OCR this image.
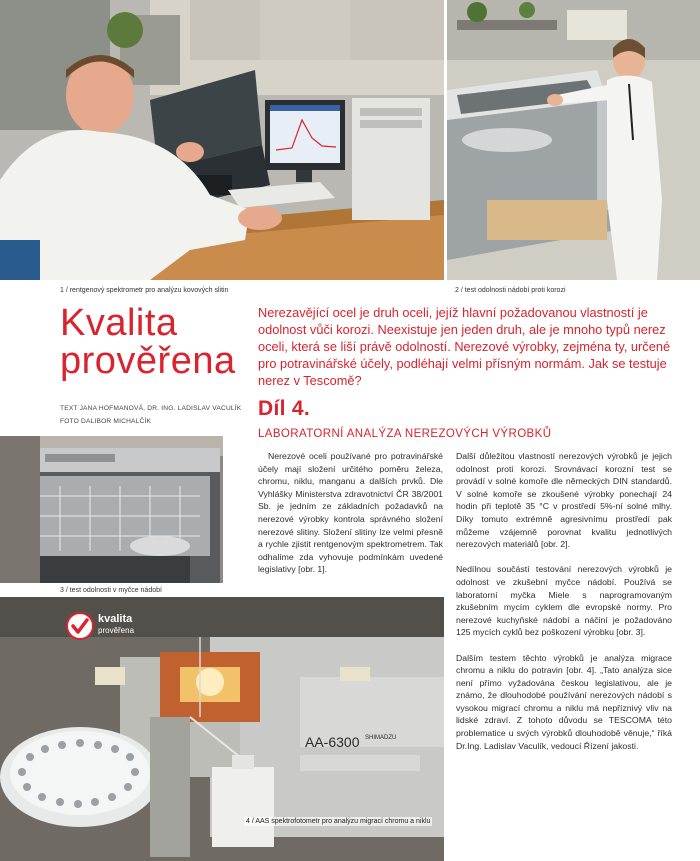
1 / rentgenový spektrometr pro analýzu kovových slitin	2 / test odolnosti nádobí proti korozi
Kvalita
prověřena
Nerezavějící ocel je druh oceli, jejíž hlavní požadovanou vlastností je odolnost vůči korozi. Neexistuje jen jeden druh, ale je mnoho typů nerez oceli, která se liší právě odolností. Nerezové výrobky, zejména ty, určené pro potravinářské účely, podléhají velmi přísným normám. Jak se testuje nerez v Tescomě?
TEXT JANA HOFMANOVÁ, DR. ING. LADISLAV VACULÍK
FOTO DALIBOR MICHALČÍK
Díl 4.
LABORATORNÍ ANALÝZA NEREZOVÝCH VÝROBKŮ
3 / test odolnosti v myčce nádobí

Nerezové oceli používané pro potravinářské účely mají složení určitého poměru železa, chromu, niklu, manganu a dalších prvků. Dle Vyhlášky Ministerstva zdravotnictví ČR 38/2001 Sb. je jedním ze základních požadavků na nerezové výrobky kontrola správného složení nerezové slitiny. Složení slitiny lze velmi přesně a rychle zjistit rentgenovým spektrometrem. Tak odhalíme zda vyhovuje podmínkám uvedené legislativy [obr. 1].

Další důležitou vlastností nerezových výrobků je jejich odolnost proti korozi. Srovnávací korozní test se provádí v solné komoře dle německých DIN standardů. V solné komoře se zkoušené výrobky ponechají 24 hodin při teplotě 35 °C v prostředí 5%-ní solné mlhy. Díky tomuto extrémně agresivnímu prostředí pak můžeme vzájemně porovnat kvalitu jednotlivých nerezových materiálů [obr. 2].

Nedílnou součástí testování nerezových výrobků je odolnost ve zkušební myčce nádobí. Používá se laboratorní myčka Miele s naprogramovaným zkušebním mycím cyklem dle evropské normy. Pro nerezové kuchyňské nádobí a náčiní je požadováno 125 mycích cyklů bez poškození výrobku [obr. 3].

Dalším testem těchto výrobků je analýza migrace chromu a niklu do potravin [obr. 4]. „Tato analýza sice není přímo vyžadována českou legislativou, ale je známo, že dlouhodobé používání nerezových nádobí s vysokou migrací chromu a niklu má nepříznivý vliv na lidské zdraví. Z tohoto důvodu se TESCOMA této problematice u svých výrobků dlouhodobě věnuje,“ říká Dr.Ing. Ladislav Vaculík, vedoucí Řízení jakosti.

AA-6300 SHIMADZU
4 / AAS spektrofotometr pro analýzu migrací chromu a niklu
kvalita
prověřena
